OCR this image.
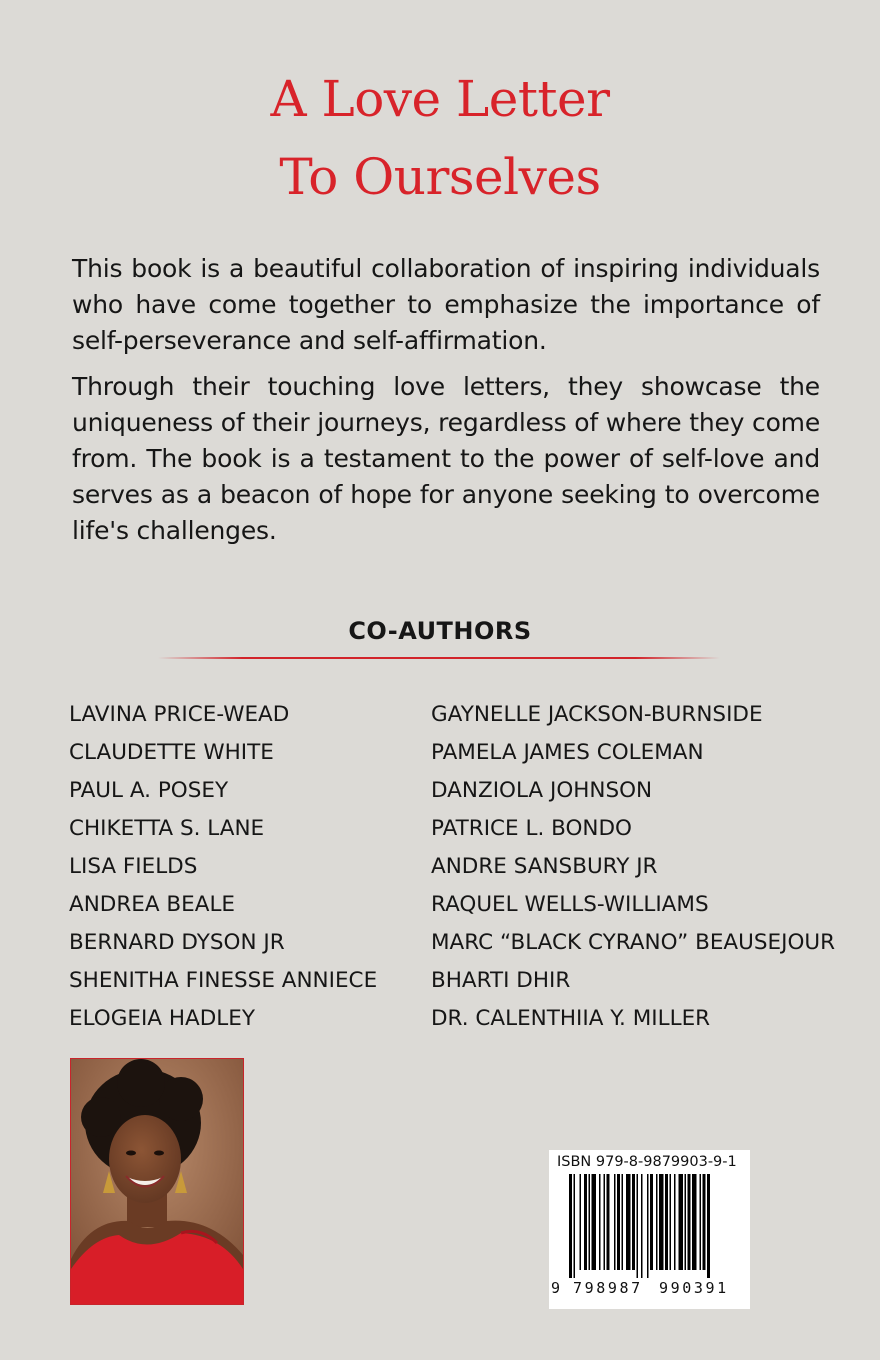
A Love Letter
To Ourselves

This book is a beautiful collaboration of inspiring individuals who have come together to emphasize the importance of self-perseverance and self-affirmation.

Through their touching love letters, they showcase the uniqueness of their journeys, regardless of where they come from. The book is a testament to the power of self-love and serves as a beacon of hope for anyone seeking to overcome life's challenges.

CO-AUTHORS
LAVINA PRICE-WEAD
CLAUDETTE WHITE
PAUL A. POSEY
CHIKETTA S. LANE
LISA FIELDS
ANDREA BEALE
BERNARD DYSON JR
SHENITHA FINESSE ANNIECE
ELOGEIA HADLEY
GAYNELLE JACKSON-BURNSIDE
PAMELA JAMES COLEMAN
DANZIOLA JOHNSON
PATRICE L. BONDO
ANDRE SANSBURY JR
RAQUEL WELLS-WILLIAMS
MARC “BLACK CYRANO” BEAUSEJOUR
BHARTI DHIR
DR. CALENTHIIA Y. MILLER
ISBN 979-8-9879903-9-1
9 798987 990391
